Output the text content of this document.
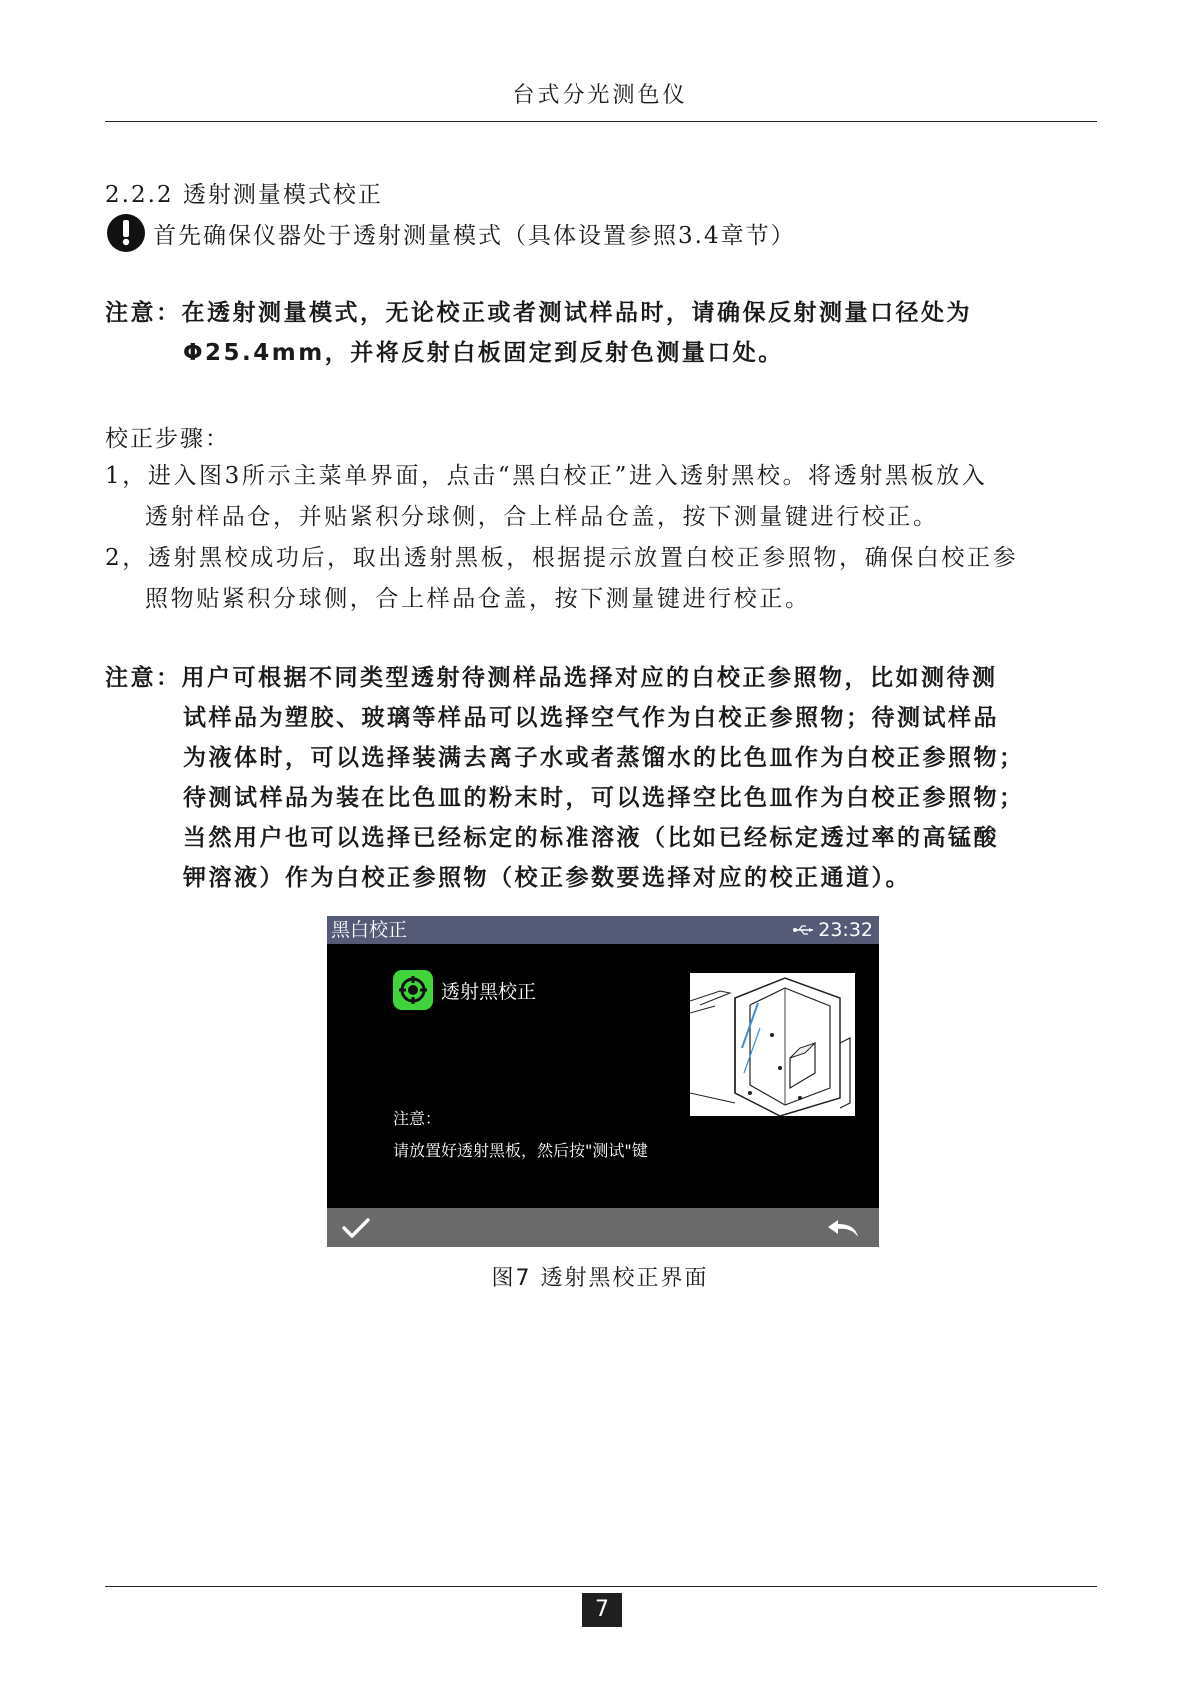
台式分光测色仪
2.2.2 透射测量模式校正
首先确保仪器处于透射测量模式（具体设置参照3.4章节）
注意：在透射测量模式，无论校正或者测试样品时，请确保反射测量口径处为
Φ25.4mm，并将反射白板固定到反射色测量口处。
校正步骤：
1，进入图3所示主菜单界面，点击“黑白校正”进入透射黑校。将透射黑板放入
透射样品仓，并贴紧积分球侧，合上样品仓盖，按下测量键进行校正。
2，透射黑校成功后，取出透射黑板，根据提示放置白校正参照物，确保白校正参
照物贴紧积分球侧，合上样品仓盖，按下测量键进行校正。
注意：用户可根据不同类型透射待测样品选择对应的白校正参照物，比如测待测
试样品为塑胶、玻璃等样品可以选择空气作为白校正参照物；待测试样品
为液体时，可以选择装满去离子水或者蒸馏水的比色皿作为白校正参照物；
待测试样品为装在比色皿的粉末时，可以选择空比色皿作为白校正参照物；
当然用户也可以选择已经标定的标准溶液（比如已经标定透过率的高锰酸
钾溶液）作为白校正参照物（校正参数要选择对应的校正通道）。
黑白校正	23:32
透射黑校正
注意：
请放置好透射黑板，然后按"测试"键
图7 透射黑校正界面
7
